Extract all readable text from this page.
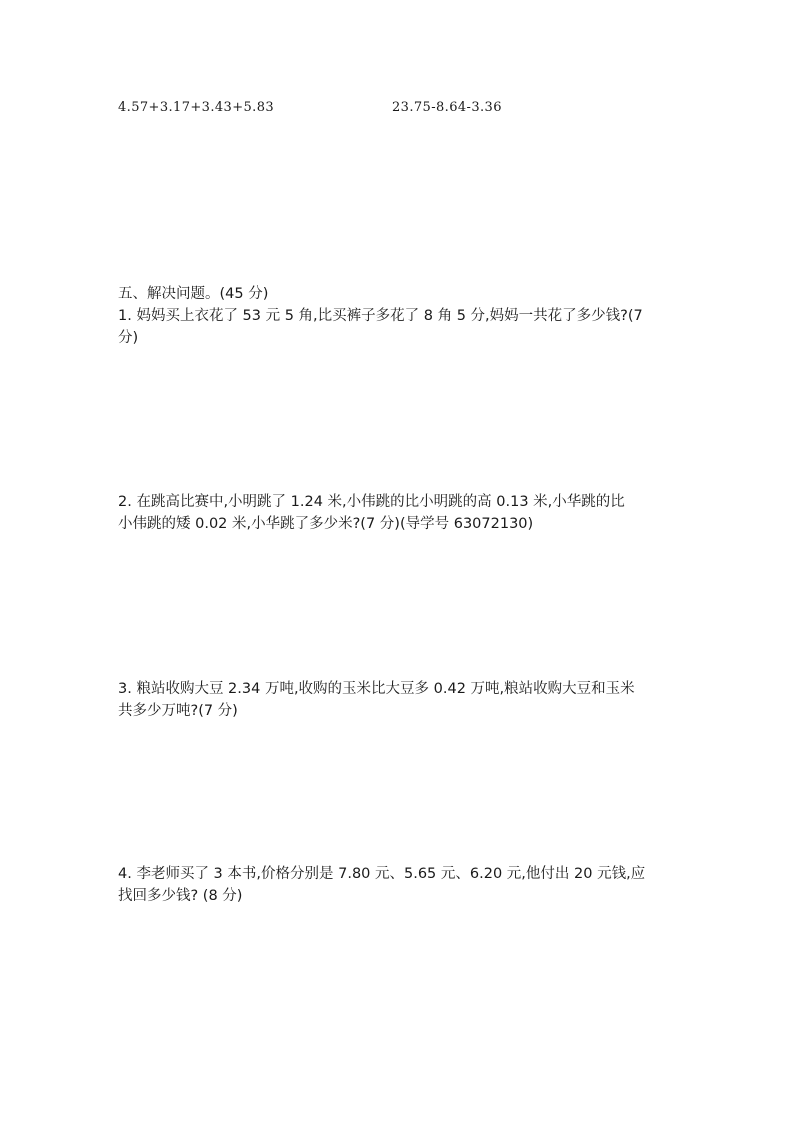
4.57+3.17+3.43+5.83	23.75-8.64-3.36
五、解决问题。(45 分)
1. 妈妈买上衣花了 53 元 5 角,比买裤子多花了 8 角 5 分,妈妈一共花了多少钱?(7
分)
2. 在跳高比赛中,小明跳了 1.24 米,小伟跳的比小明跳的高 0.13 米,小华跳的比
小伟跳的矮 0.02 米,小华跳了多少米?(7 分)(导学号 63072130)
3. 粮站收购大豆 2.34 万吨,收购的玉米比大豆多 0.42 万吨,粮站收购大豆和玉米
共多少万吨?(7 分)
4. 李老师买了 3 本书,价格分别是 7.80 元、5.65 元、6.20 元,他付出 20 元钱,应
找回多少钱? (8 分)
